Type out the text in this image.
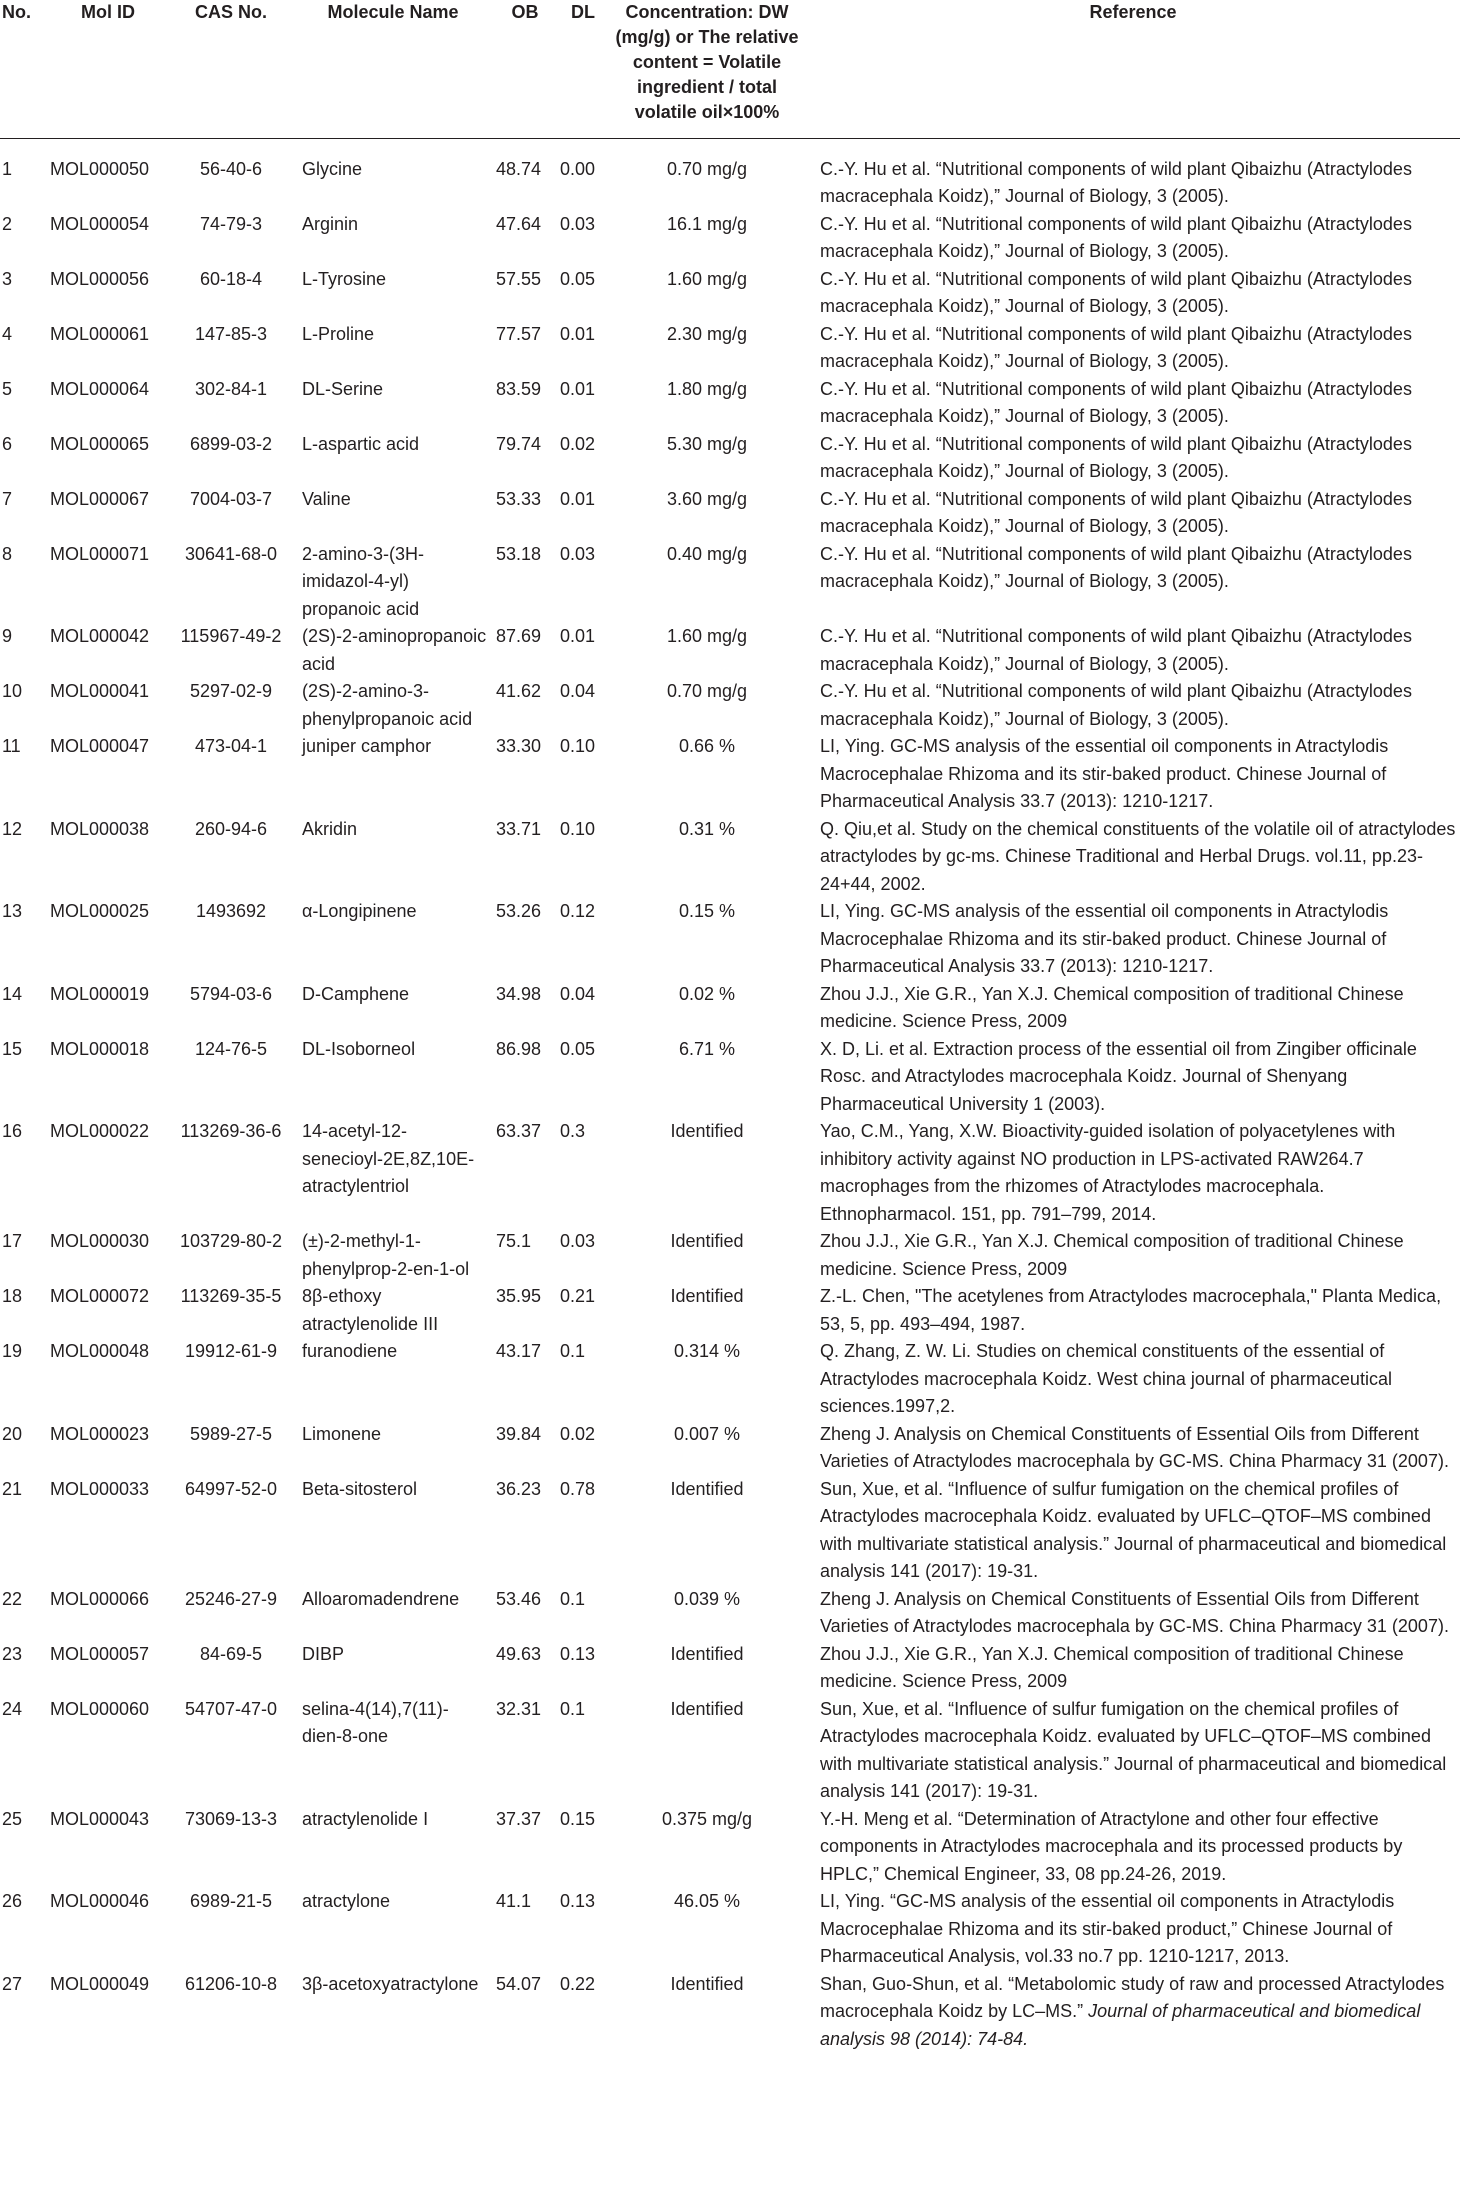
No.	Mol ID	CAS No.	Molecule Name	OB	DL	Concentration: DW (mg/g) or The relative content = Volatile ingredient / total volatile oil×100%	Reference
1	MOL000050	56-40-6	Glycine	48.74	0.00	0.70 mg/g	C.-Y. Hu et al. “Nutritional components of wild plant Qibaizhu (Atractylodes macracephala Koidz),” Journal of Biology, 3 (2005).
2	MOL000054	74-79-3	Arginin	47.64	0.03	16.1 mg/g	C.-Y. Hu et al. “Nutritional components of wild plant Qibaizhu (Atractylodes macracephala Koidz),” Journal of Biology, 3 (2005).
3	MOL000056	60-18-4	L-Tyrosine	57.55	0.05	1.60 mg/g	C.-Y. Hu et al. “Nutritional components of wild plant Qibaizhu (Atractylodes macracephala Koidz),” Journal of Biology, 3 (2005).
4	MOL000061	147-85-3	L-Proline	77.57	0.01	2.30 mg/g	C.-Y. Hu et al. “Nutritional components of wild plant Qibaizhu (Atractylodes macracephala Koidz),” Journal of Biology, 3 (2005).
5	MOL000064	302-84-1	DL-Serine	83.59	0.01	1.80 mg/g	C.-Y. Hu et al. “Nutritional components of wild plant Qibaizhu (Atractylodes macracephala Koidz),” Journal of Biology, 3 (2005).
6	MOL000065	6899-03-2	L-aspartic acid	79.74	0.02	5.30 mg/g	C.-Y. Hu et al. “Nutritional components of wild plant Qibaizhu (Atractylodes macracephala Koidz),” Journal of Biology, 3 (2005).
7	MOL000067	7004-03-7	Valine	53.33	0.01	3.60 mg/g	C.-Y. Hu et al. “Nutritional components of wild plant Qibaizhu (Atractylodes macracephala Koidz),” Journal of Biology, 3 (2005).
8	MOL000071	30641-68-0	2-amino-3-(3H-imidazol-4-yl) propanoic acid	53.18	0.03	0.40 mg/g	C.-Y. Hu et al. “Nutritional components of wild plant Qibaizhu (Atractylodes macracephala Koidz),” Journal of Biology, 3 (2005).
9	MOL000042	115967-49-2	(2S)-2-aminopropanoic acid	87.69	0.01	1.60 mg/g	C.-Y. Hu et al. “Nutritional components of wild plant Qibaizhu (Atractylodes macracephala Koidz),” Journal of Biology, 3 (2005).
10	MOL000041	5297-02-9	(2S)-2-amino-3-phenylpropanoic acid	41.62	0.04	0.70 mg/g	C.-Y. Hu et al. “Nutritional components of wild plant Qibaizhu (Atractylodes macracephala Koidz),” Journal of Biology, 3 (2005).
11	MOL000047	473-04-1	juniper camphor	33.30	0.10	0.66 %	LI, Ying. GC-MS analysis of the essential oil components in Atractylodis Macrocephalae Rhizoma and its stir-baked product. Chinese Journal of Pharmaceutical Analysis 33.7 (2013): 1210-1217.
12	MOL000038	260-94-6	Akridin	33.71	0.10	0.31 %	Q. Qiu,et al. Study on the chemical constituents of the volatile oil of atractylodes atractylodes by gc-ms. Chinese Traditional and Herbal Drugs. vol.11, pp.23-24+44, 2002.
13	MOL000025	1493692	α-Longipinene	53.26	0.12	0.15 %	LI, Ying. GC-MS analysis of the essential oil components in Atractylodis Macrocephalae Rhizoma and its stir-baked product. Chinese Journal of Pharmaceutical Analysis 33.7 (2013): 1210-1217.
14	MOL000019	5794-03-6	D-Camphene	34.98	0.04	0.02 %	Zhou J.J., Xie G.R., Yan X.J. Chemical composition of traditional Chinese medicine. Science Press, 2009
15	MOL000018	124-76-5	DL-Isoborneol	86.98	0.05	6.71 %	X. D, Li. et al. Extraction process of the essential oil from Zingiber officinale Rosc. and Atractylodes macrocephala Koidz. Journal of Shenyang Pharmaceutical University 1 (2003).
16	MOL000022	113269-36-6	14-acetyl-12-senecioyl-2E,8Z,10E-atractylentriol	63.37	0.3	Identified	Yao, C.M., Yang, X.W. Bioactivity-guided isolation of polyacetylenes with inhibitory activity against NO production in LPS-activated RAW264.7 macrophages from the rhizomes of Atractylodes macrocephala. Ethnopharmacol. 151, pp. 791–799, 2014.
17	MOL000030	103729-80-2	(±)-2-methyl-1-phenylprop-2-en-1-ol	75.1	0.03	Identified	Zhou J.J., Xie G.R., Yan X.J. Chemical composition of traditional Chinese medicine. Science Press, 2009
18	MOL000072	113269-35-5	8β-ethoxy atractylenolide III	35.95	0.21	Identified	Z.-L. Chen, "The acetylenes from Atractylodes macrocephala," Planta Medica, 53, 5, pp. 493–494, 1987.
19	MOL000048	19912-61-9	furanodiene	43.17	0.1	0.314 %	Q. Zhang, Z. W. Li. Studies on chemical constituents of the essential of Atractylodes macrocephala Koidz. West china journal of pharmaceutical sciences.1997,2.
20	MOL000023	5989-27-5	Limonene	39.84	0.02	0.007 %	Zheng J. Analysis on Chemical Constituents of Essential Oils from Different Varieties of Atractylodes macrocephala by GC-MS. China Pharmacy 31 (2007).
21	MOL000033	64997-52-0	Beta-sitosterol	36.23	0.78	Identified	Sun, Xue, et al. “Influence of sulfur fumigation on the chemical profiles of Atractylodes macrocephala Koidz. evaluated by UFLC–QTOF–MS combined with multivariate statistical analysis.” Journal of pharmaceutical and biomedical analysis 141 (2017): 19-31.
22	MOL000066	25246-27-9	Alloaromadendrene	53.46	0.1	0.039 %	Zheng J. Analysis on Chemical Constituents of Essential Oils from Different Varieties of Atractylodes macrocephala by GC-MS. China Pharmacy 31 (2007).
23	MOL000057	84-69-5	DIBP	49.63	0.13	Identified	Zhou J.J., Xie G.R., Yan X.J. Chemical composition of traditional Chinese medicine. Science Press, 2009
24	MOL000060	54707-47-0	selina-4(14),7(11)-dien-8-one	32.31	0.1	Identified	Sun, Xue, et al. “Influence of sulfur fumigation on the chemical profiles of Atractylodes macrocephala Koidz. evaluated by UFLC–QTOF–MS combined with multivariate statistical analysis.” Journal of pharmaceutical and biomedical analysis 141 (2017): 19-31.
25	MOL000043	73069-13-3	atractylenolide I	37.37	0.15	0.375 mg/g	Y.-H. Meng et al. “Determination of Atractylone and other four effective components in Atractylodes macrocephala and its processed products by HPLC,” Chemical Engineer, 33, 08 pp.24-26, 2019.
26	MOL000046	6989-21-5	atractylone	41.1	0.13	46.05 %	LI, Ying. “GC-MS analysis of the essential oil components in Atractylodis Macrocephalae Rhizoma and its stir-baked product,” Chinese Journal of Pharmaceutical Analysis, vol.33 no.7 pp. 1210-1217, 2013.
27	MOL000049	61206-10-8	3β-acetoxyatractylone	54.07	0.22	Identified	Shan, Guo-Shun, et al. “Metabolomic study of raw and processed Atractylodes macrocephala Koidz by LC–MS.” Journal of pharmaceutical and biomedical analysis 98 (2014): 74-84.
